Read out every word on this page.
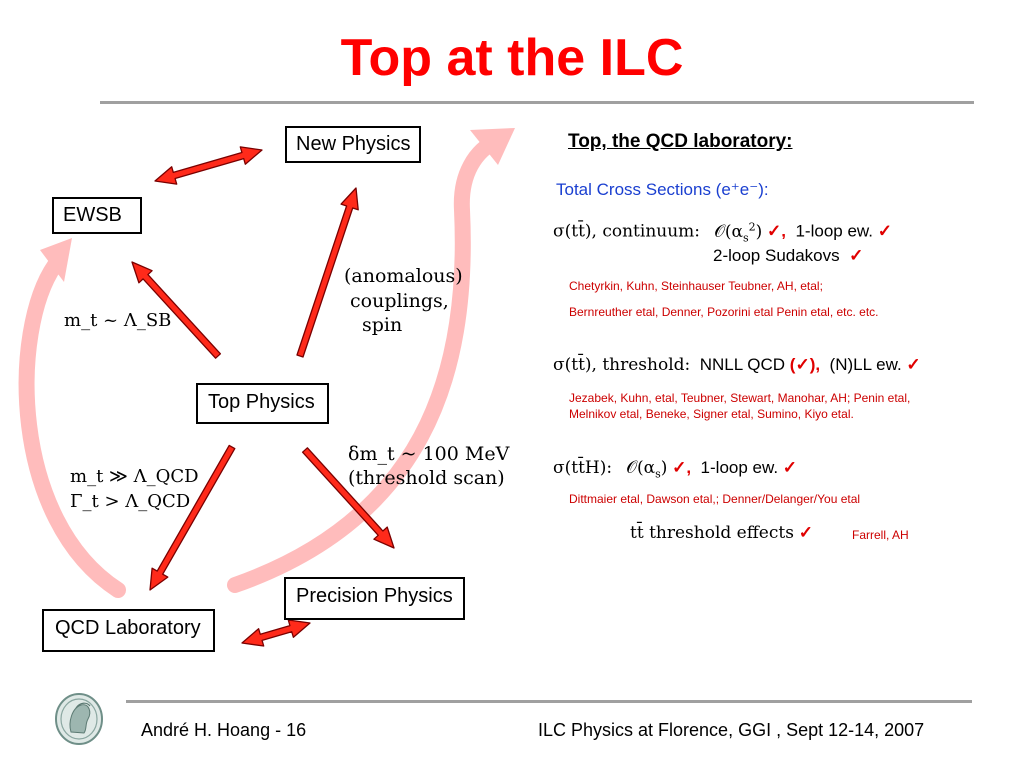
Top at the ILC
New Physics
EWSB
Top Physics
Precision Physics
QCD Laboratory
m_t ~ Λ_SB
(anomalous)
couplings,
spin
m_t ≫ Λ_QCD
Γ_t > Λ_QCD
δm_t ~ 100 MeV
(threshold scan)
Top, the QCD laboratory:
Total Cross Sections (e⁺e⁻):
σ(tt̄), continuum: $𝒪(\alpha_s^2)$ ✓, 1-loop ew. ✓
2-loop Sudakovs ✓
Chetyrkin, Kuhn, Steinhauser Teubner, AH, etal;
Bernreuther etal, Denner, Pozorini etal Penin etal, etc. etc.
σ(tt̄), threshold: NNLL QCD (✓), (N)LL ew. ✓
Jezabek, Kuhn, etal, Teubner, Stewart, Manohar, AH; Penin etal, Melnikov etal, Beneke, Signer etal, Sumino, Kiyo etal.
σ(tt̄H): $𝒪(\alpha_s)$ ✓, 1-loop ew. ✓
Dittmaier etal, Dawson etal,; Denner/Delanger/You etal
tt̄ threshold effects ✓	Farrell, AH
André H. Hoang - 16	ILC Physics at Florence, GGI , Sept 12-14, 2007
